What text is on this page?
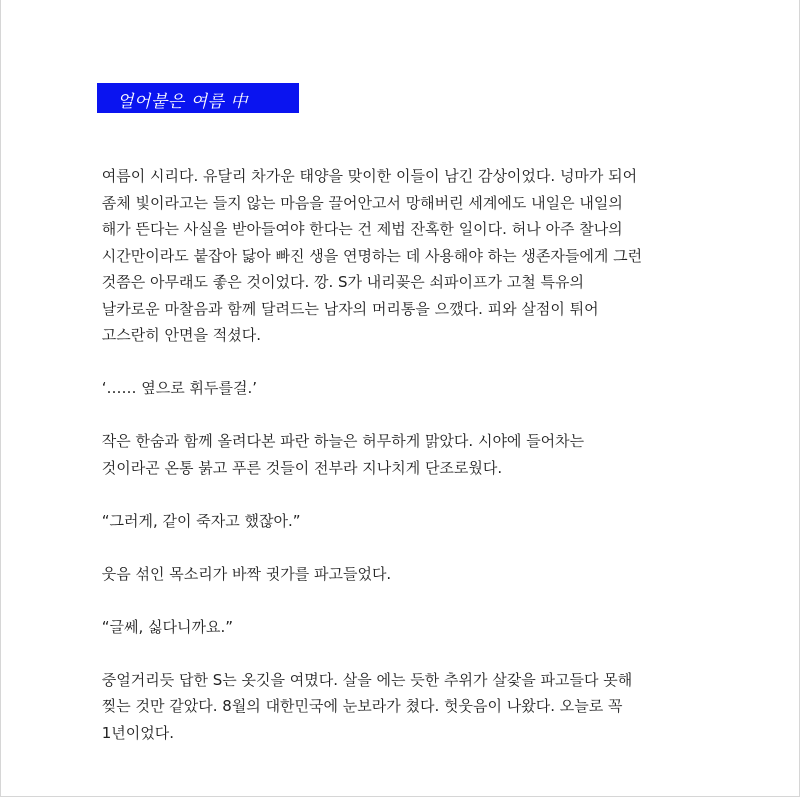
얼어붙은 여름 中

여름이 시리다. 유달리 차가운 태양을 맞이한 이들이 남긴 감상이었다. 넝마가 되어
좀체 빛이라고는 들지 않는 마음을 끌어안고서 망해버린 세계에도 내일은 내일의
해가 뜬다는 사실을 받아들여야 한다는 건 제법 잔혹한 일이다. 허나 아주 찰나의
시간만이라도 붙잡아 닳아 빠진 생을 연명하는 데 사용해야 하는 생존자들에게 그런
것쯤은 아무래도 좋은 것이었다. 깡. S가 내리꽂은 쇠파이프가 고철 특유의
날카로운 마찰음과 함께 달려드는 남자의 머리통을 으깼다. 피와 살점이 튀어
고스란히 안면을 적셨다.

‘…… 옆으로 휘두를걸.’

작은 한숨과 함께 올려다본 파란 하늘은 허무하게 맑았다. 시야에 들어차는
것이라곤 온통 붉고 푸른 것들이 전부라 지나치게 단조로웠다.

“그러게, 같이 죽자고 했잖아.”

웃음 섞인 목소리가 바짝 귓가를 파고들었다.

“글쎄, 싫다니까요.”

중얼거리듯 답한 S는 옷깃을 여몄다. 살을 에는 듯한 추위가 살갗을 파고들다 못해
찢는 것만 같았다. 8월의 대한민국에 눈보라가 쳤다. 헛웃음이 나왔다. 오늘로 꼭
1년이었다.
